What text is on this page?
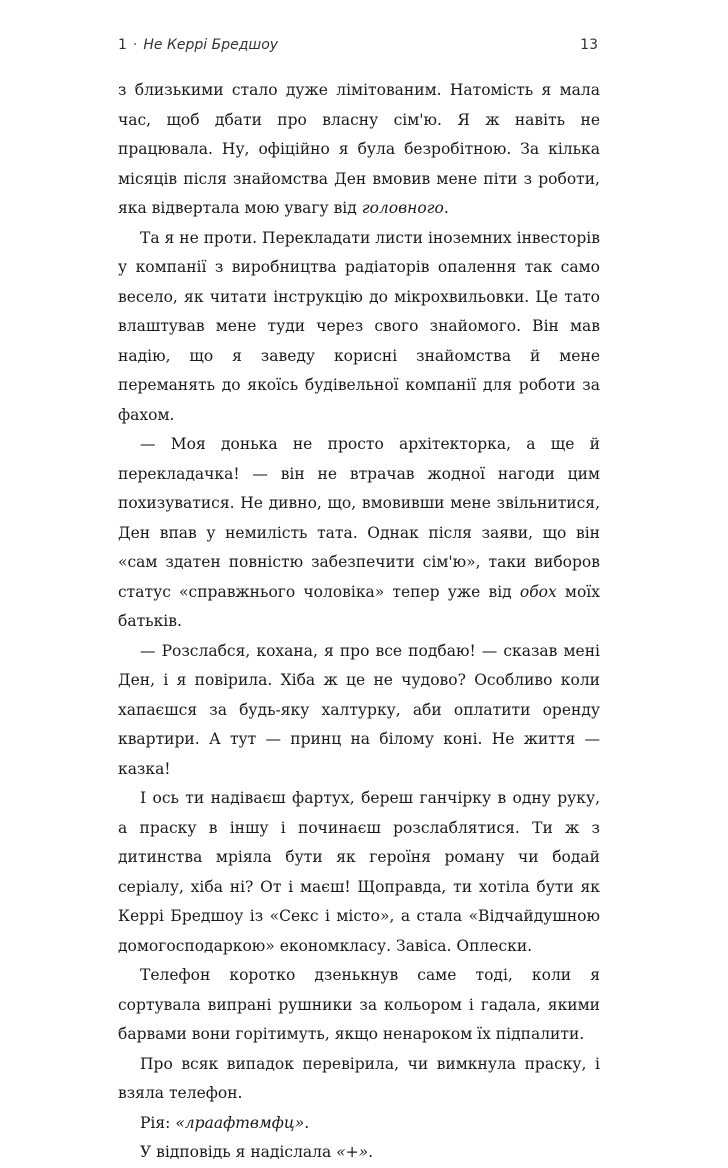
1 · Не Керрі Бредшоу	13

з близькими стало дуже лімітованим. Натомість я мала час, щоб дбати про власну сім'ю. Я ж навіть не працювала. Ну, офіційно я була безробітною. За кілька місяців після знайомства Ден вмовив мене піти з роботи, яка відвертала мою увагу від головного.

Та я не проти. Перекладати листи іноземних інвесторів у компанії з виробництва радіаторів опалення так само весело, як читати інструкцію до мікрохвильовки. Це тато влаштував мене туди через свого знайомого. Він мав надію, що я заведу корисні знайомства й мене переманять до якоїсь будівельної компанії для роботи за фахом.

— Моя донька не просто архітекторка, а ще й перекладачка! — він не втрачав жодної нагоди цим похизуватися. Не дивно, що, вмовивши мене звільнитися, Ден впав у немилість тата. Однак після заяви, що він «сам здатен повністю забезпечити сім'ю», таки виборов статус «справжнього чоловіка» тепер уже від обох моїх батьків.

— Розслабся, кохана, я про все подбаю! — сказав мені Ден, і я повірила. Хіба ж це не чудово? Особливо коли хапаєшся за будь-яку халтурку, аби оплатити оренду квартири. А тут — принц на білому коні. Не життя — казка!

І ось ти надіваєш фартух, береш ганчірку в одну руку, а праску в іншу і починаєш розслаблятися. Ти ж з дитинства мріяла бути як героїня роману чи бодай серіалу, хіба ні? От і маєш! Щоправда, ти хотіла бути як Керрі Бредшоу із «Секс і місто», а стала «Відчайдушною домогосподаркою» економкласу. Завіса. Оплески.

Телефон коротко дзенькнув саме тоді, коли я сортувала випрані рушники за кольором і гадала, якими барвами вони горітимуть, якщо ненароком їх підпалити.

Про всяк випадок перевірила, чи вимкнула праску, і взяла телефон.

Рія: «лраафтвмфц».

У відповідь я надіслала «+».
